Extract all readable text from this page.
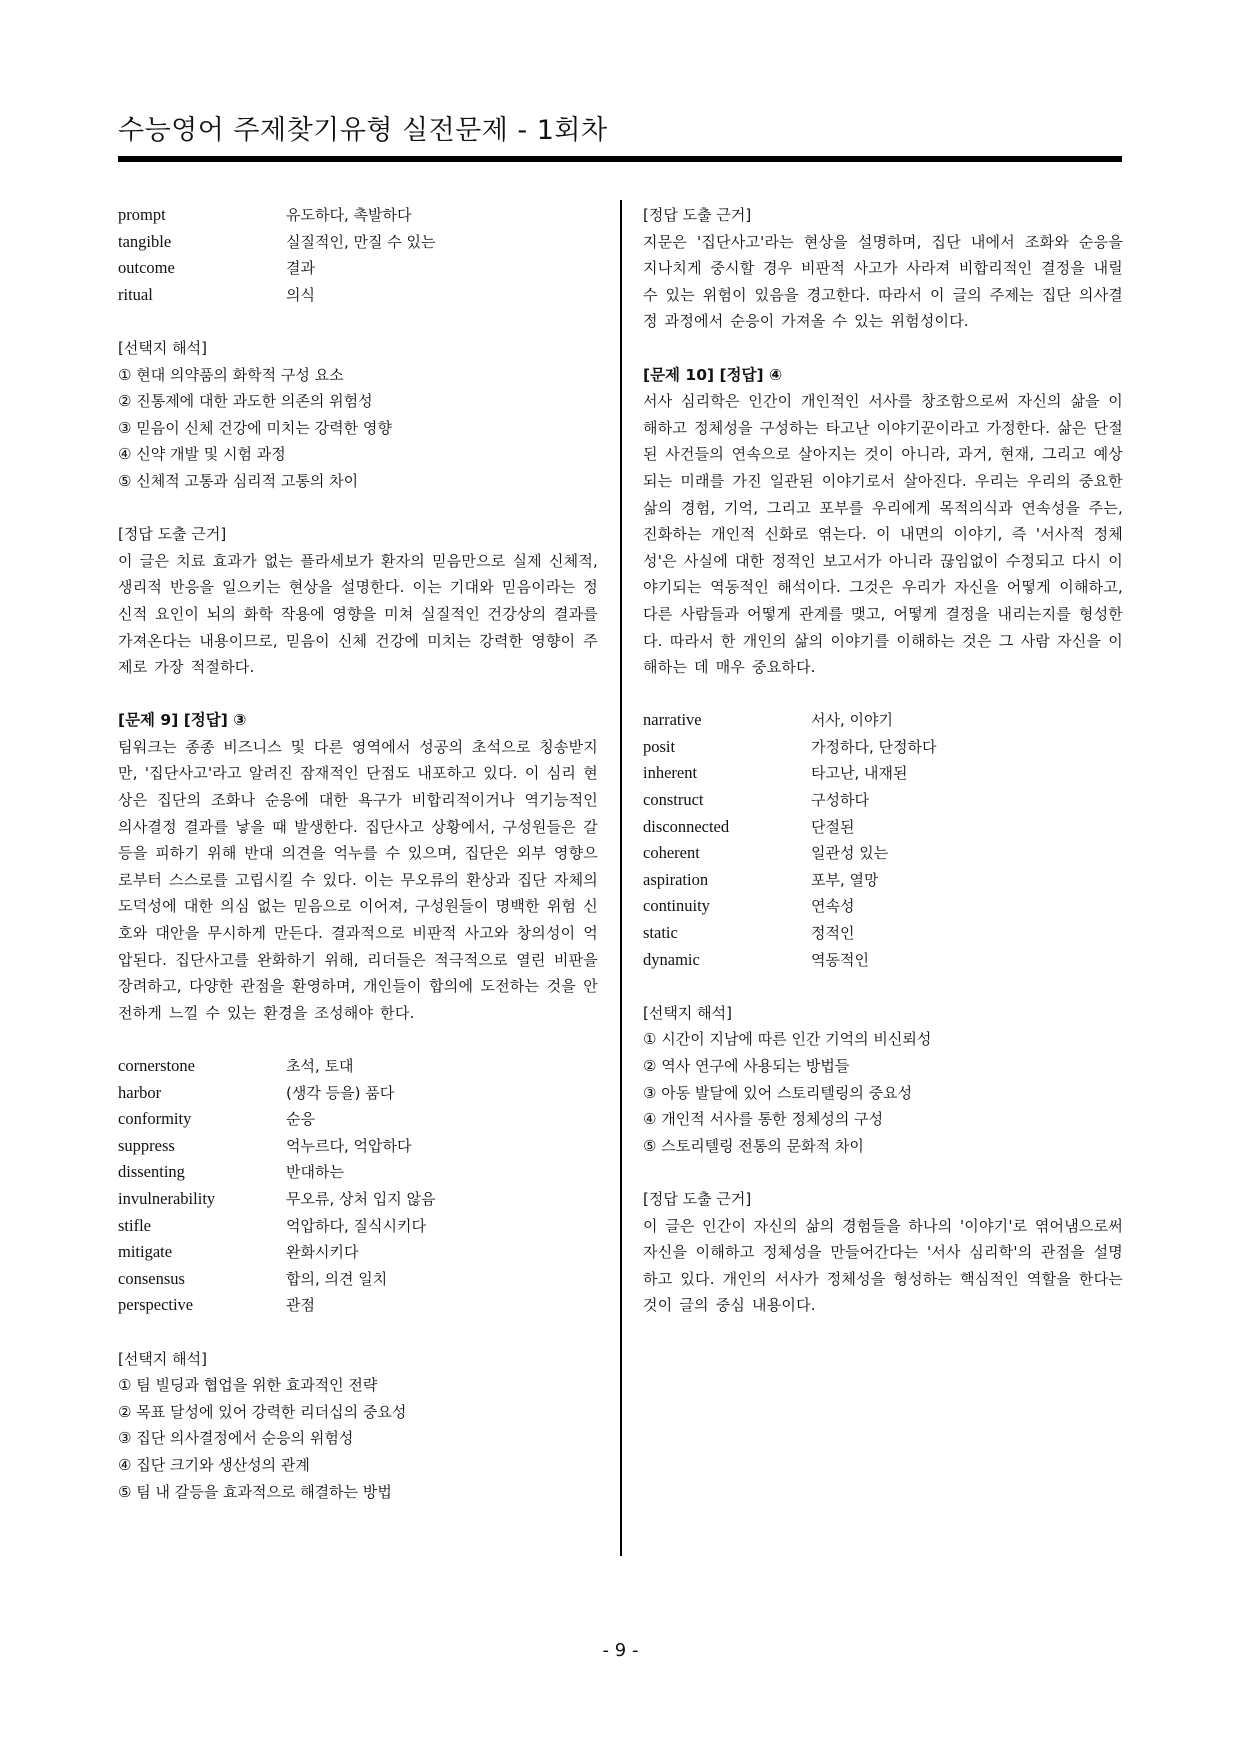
수능영어 주제찾기유형 실전문제 - 1회차
prompt	유도하다, 촉발하다
tangible	실질적인, 만질 수 있는
outcome	결과
ritual	의식
[선택지 해석]
① 현대 의약품의 화학적 구성 요소
② 진통제에 대한 과도한 의존의 위험성
③ 믿음이 신체 건강에 미치는 강력한 영향
④ 신약 개발 및 시험 과정
⑤ 신체적 고통과 심리적 고통의 차이
[정답 도출 근거]
이 글은 치료 효과가 없는 플라세보가 환자의 믿음만으로 실제 신체적, 생리적 반응을 일으키는 현상을 설명한다. 이는 기대와 믿음이라는 정신적 요인이 뇌의 화학 작용에 영향을 미쳐 실질적인 건강상의 결과를 가져온다는 내용이므로, 믿음이 신체 건강에 미치는 강력한 영향이 주제로 가장 적절하다.
[문제 9] [정답] ③
팀워크는 종종 비즈니스 및 다른 영역에서 성공의 초석으로 칭송받지만, '집단사고'라고 알려진 잠재적인 단점도 내포하고 있다. 이 심리 현상은 집단의 조화나 순응에 대한 욕구가 비합리적이거나 역기능적인 의사결정 결과를 낳을 때 발생한다. 집단사고 상황에서, 구성원들은 갈등을 피하기 위해 반대 의견을 억누를 수 있으며, 집단은 외부 영향으로부터 스스로를 고립시킬 수 있다. 이는 무오류의 환상과 집단 자체의 도덕성에 대한 의심 없는 믿음으로 이어져, 구성원들이 명백한 위험 신호와 대안을 무시하게 만든다. 결과적으로 비판적 사고와 창의성이 억압된다. 집단사고를 완화하기 위해, 리더들은 적극적으로 열린 비판을 장려하고, 다양한 관점을 환영하며, 개인들이 합의에 도전하는 것을 안전하게 느낄 수 있는 환경을 조성해야 한다.
cornerstone	초석, 토대
harbor	(생각 등을) 품다
conformity	순응
suppress	억누르다, 억압하다
dissenting	반대하는
invulnerability	무오류, 상처 입지 않음
stifle	억압하다, 질식시키다
mitigate	완화시키다
consensus	합의, 의견 일치
perspective	관점
[선택지 해석]
① 팀 빌딩과 협업을 위한 효과적인 전략
② 목표 달성에 있어 강력한 리더십의 중요성
③ 집단 의사결정에서 순응의 위험성
④ 집단 크기와 생산성의 관계
⑤ 팀 내 갈등을 효과적으로 해결하는 방법
[정답 도출 근거]
지문은 '집단사고'라는 현상을 설명하며, 집단 내에서 조화와 순응을 지나치게 중시할 경우 비판적 사고가 사라져 비합리적인 결정을 내릴 수 있는 위험이 있음을 경고한다. 따라서 이 글의 주제는 집단 의사결정 과정에서 순응이 가져올 수 있는 위험성이다.
[문제 10] [정답] ④
서사 심리학은 인간이 개인적인 서사를 창조함으로써 자신의 삶을 이해하고 정체성을 구성하는 타고난 이야기꾼이라고 가정한다. 삶은 단절된 사건들의 연속으로 살아지는 것이 아니라, 과거, 현재, 그리고 예상되는 미래를 가진 일관된 이야기로서 살아진다. 우리는 우리의 중요한 삶의 경험, 기억, 그리고 포부를 우리에게 목적의식과 연속성을 주는, 진화하는 개인적 신화로 엮는다. 이 내면의 이야기, 즉 '서사적 정체성'은 사실에 대한 정적인 보고서가 아니라 끊임없이 수정되고 다시 이야기되는 역동적인 해석이다. 그것은 우리가 자신을 어떻게 이해하고, 다른 사람들과 어떻게 관계를 맺고, 어떻게 결정을 내리는지를 형성한다. 따라서 한 개인의 삶의 이야기를 이해하는 것은 그 사람 자신을 이해하는 데 매우 중요하다.
narrative	서사, 이야기
posit	가정하다, 단정하다
inherent	타고난, 내재된
construct	구성하다
disconnected	단절된
coherent	일관성 있는
aspiration	포부, 열망
continuity	연속성
static	정적인
dynamic	역동적인
[선택지 해석]
① 시간이 지남에 따른 인간 기억의 비신뢰성
② 역사 연구에 사용되는 방법들
③ 아동 발달에 있어 스토리텔링의 중요성
④ 개인적 서사를 통한 정체성의 구성
⑤ 스토리텔링 전통의 문화적 차이
[정답 도출 근거]
이 글은 인간이 자신의 삶의 경험들을 하나의 '이야기'로 엮어냄으로써 자신을 이해하고 정체성을 만들어간다는 '서사 심리학'의 관점을 설명하고 있다. 개인의 서사가 정체성을 형성하는 핵심적인 역할을 한다는 것이 글의 중심 내용이다.
- 9 -
